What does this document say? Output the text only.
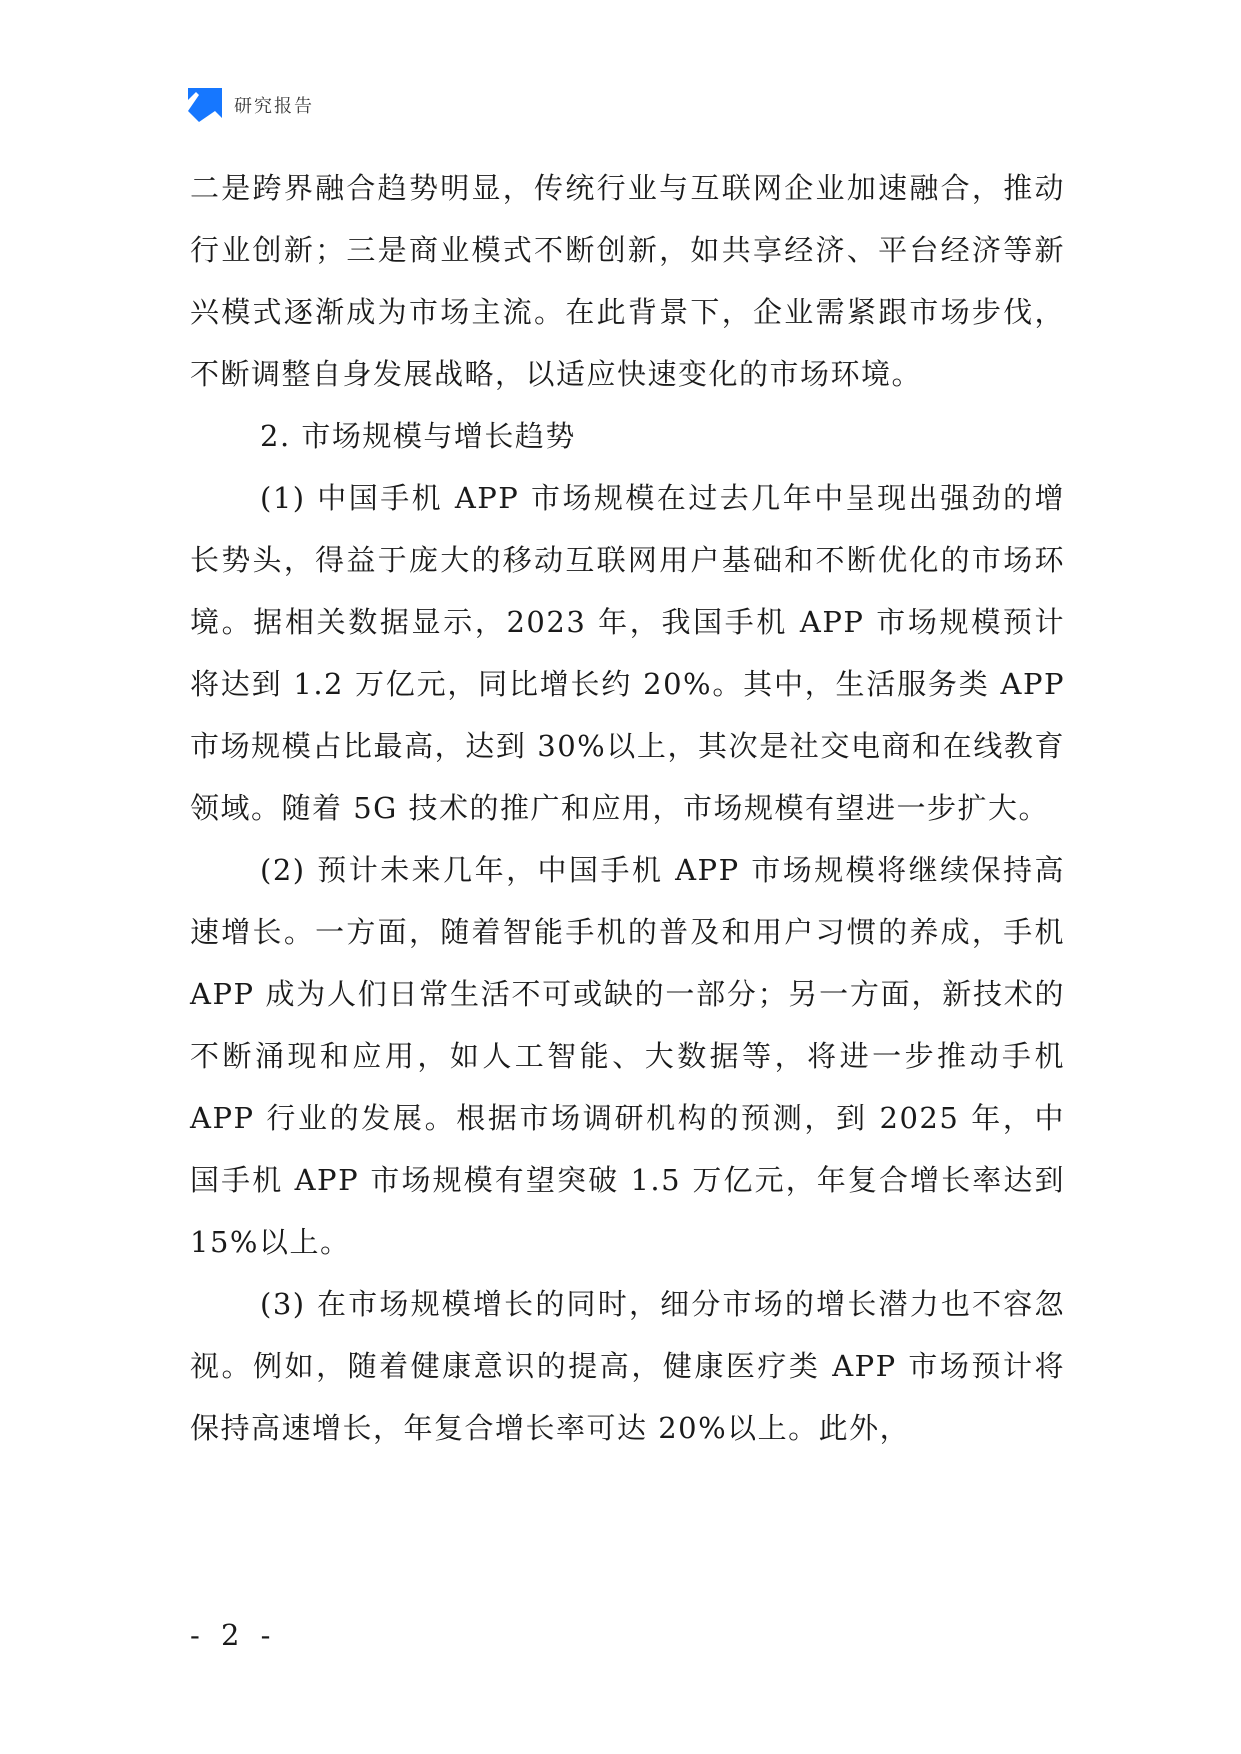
研究报告

二是跨界融合趋势明显，传统行业与互联网企业加速融合，推动行业创新；三是商业模式不断创新，如共享经济、平台经济等新兴模式逐渐成为市场主流。在此背景下，企业需紧跟市场步伐，不断调整自身发展战略，以适应快速变化的市场环境。

2. 市场规模与增长趋势

(1) 中国手机 APP 市场规模在过去几年中呈现出强劲的增长势头，得益于庞大的移动互联网用户基础和不断优化的市场环境。据相关数据显示，2023 年，我国手机 APP 市场规模预计将达到 1.2 万亿元，同比增长约 20%。其中，生活服务类 APP 市场规模占比最高，达到 30%以上，其次是社交电商和在线教育领域。随着 5G 技术的推广和应用，市场规模有望进一步扩大。

(2) 预计未来几年，中国手机 APP 市场规模将继续保持高速增长。一方面，随着智能手机的普及和用户习惯的养成，手机 APP 成为人们日常生活不可或缺的一部分；另一方面，新技术的不断涌现和应用，如人工智能、大数据等，将进一步推动手机 APP 行业的发展。根据市场调研机构的预测，到 2025 年，中国手机 APP 市场规模有望突破 1.5 万亿元，年复合增长率达到 15%以上。

(3) 在市场规模增长的同时，细分市场的增长潜力也不容忽视。例如，随着健康意识的提高，健康医疗类 APP 市场预计将保持高速增长，年复合增长率可达 20%以上。此外，

- 2 -
